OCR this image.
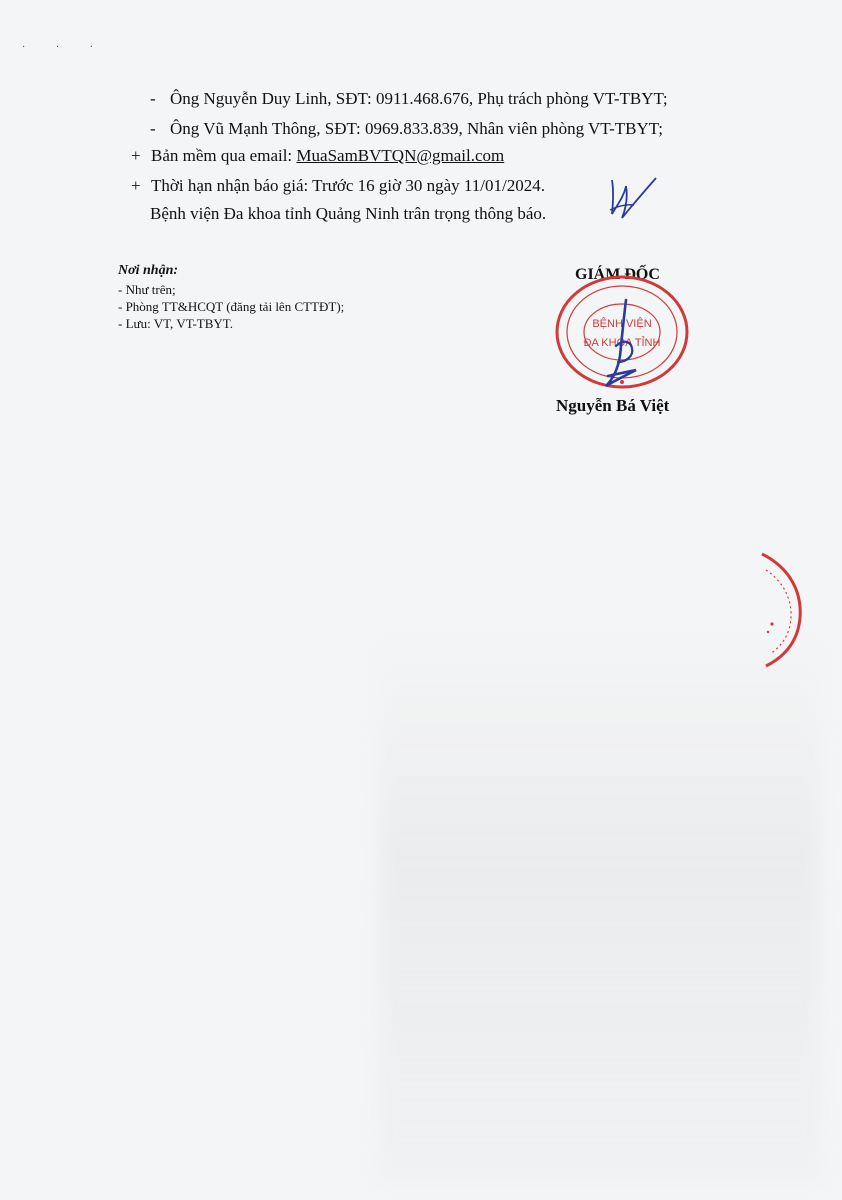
· · ·
- Ông Nguyễn Duy Linh, SĐT: 0911.468.676, Phụ trách phòng VT-TBYT;
- Ông Vũ Mạnh Thông, SĐT: 0969.833.839, Nhân viên phòng VT-TBYT;
+ Bản mềm qua email: MuaSamBVTQN@gmail.com
+ Thời hạn nhận báo giá: Trước 16 giờ 30 ngày 11/01/2024.
Bệnh viện Đa khoa tỉnh Quảng Ninh trân trọng thông báo.
Nơi nhận:
- Như trên;
- Phòng TT&HCQT (đăng tải lên CTTĐT);
- Lưu: VT, VT-TBYT.
GIÁM ĐỐC
BỆNH VIỆN
ĐA KHOA TỈNH
Nguyễn Bá Việt
